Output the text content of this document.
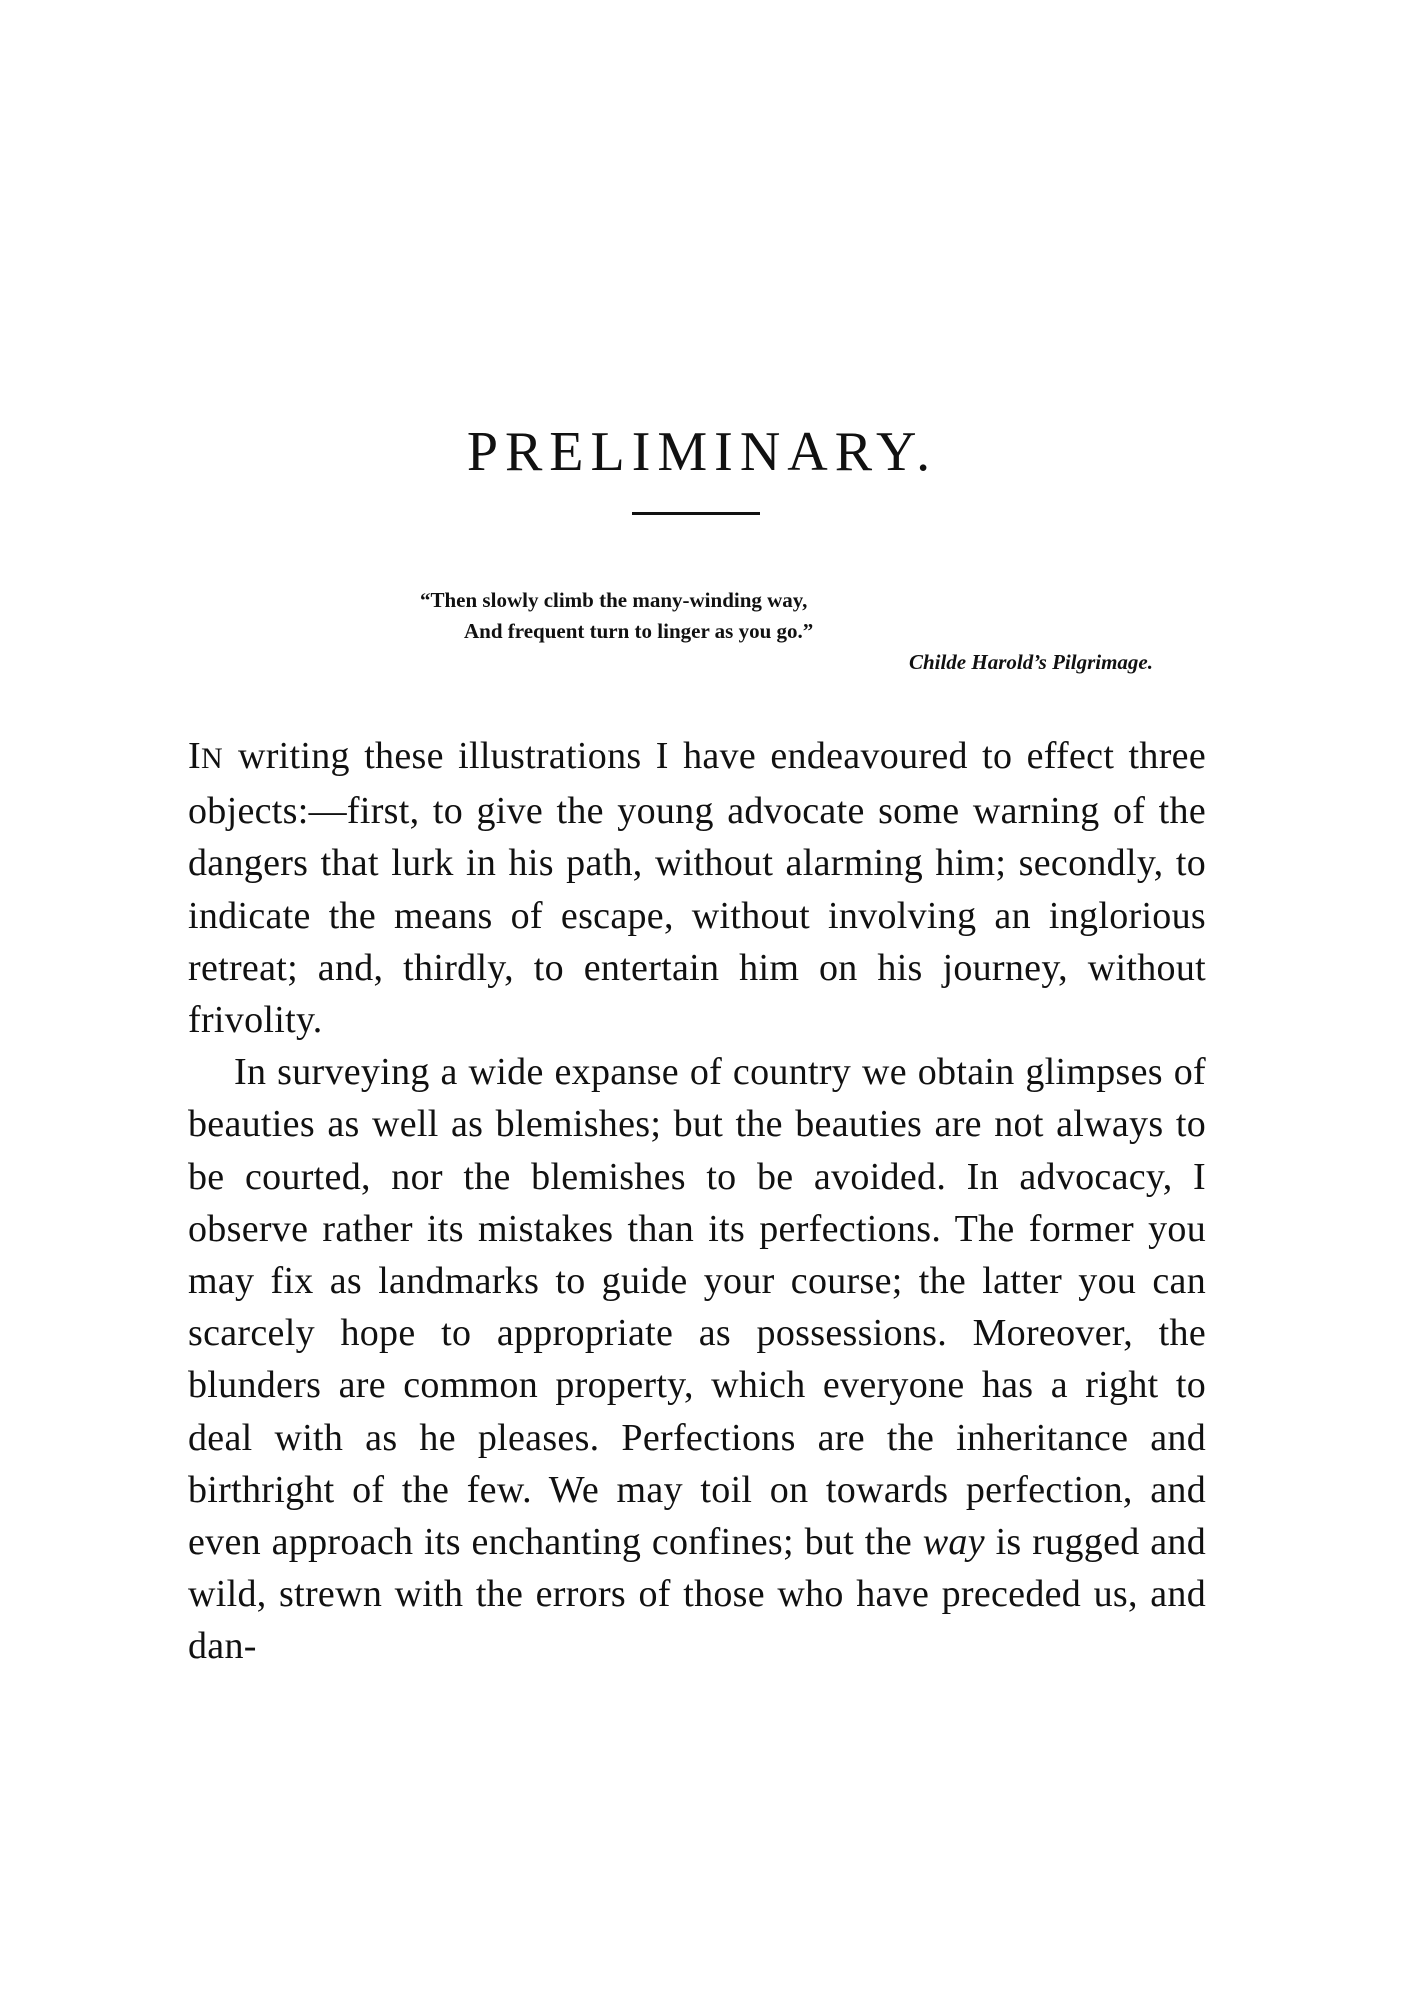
PRELIMINARY.
“Then slowly climb the many-winding way,
And frequent turn to linger as you go.”
Childe Harold’s Pilgrimage.

IN writing these illustrations I have endeavoured to effect three objects:—first, to give the young advocate some warning of the dangers that lurk in his path, without alarming him; secondly, to indicate the means of escape, without involving an inglorious retreat; and, thirdly, to entertain him on his journey, without frivolity.

In surveying a wide expanse of country we obtain glimpses of beauties as well as blemishes; but the beauties are not always to be courted, nor the blemishes to be avoided. In advocacy, I observe rather its mistakes than its perfections. The former you may fix as landmarks to guide your course; the latter you can scarcely hope to appropriate as possessions. Moreover, the blunders are common property, which everyone has a right to deal with as he pleases. Perfections are the inheritance and birthright of the few. We may toil on towards perfection, and even approach its enchanting confines; but the way is rugged and wild, strewn with the errors of those who have preceded us, and dan-
